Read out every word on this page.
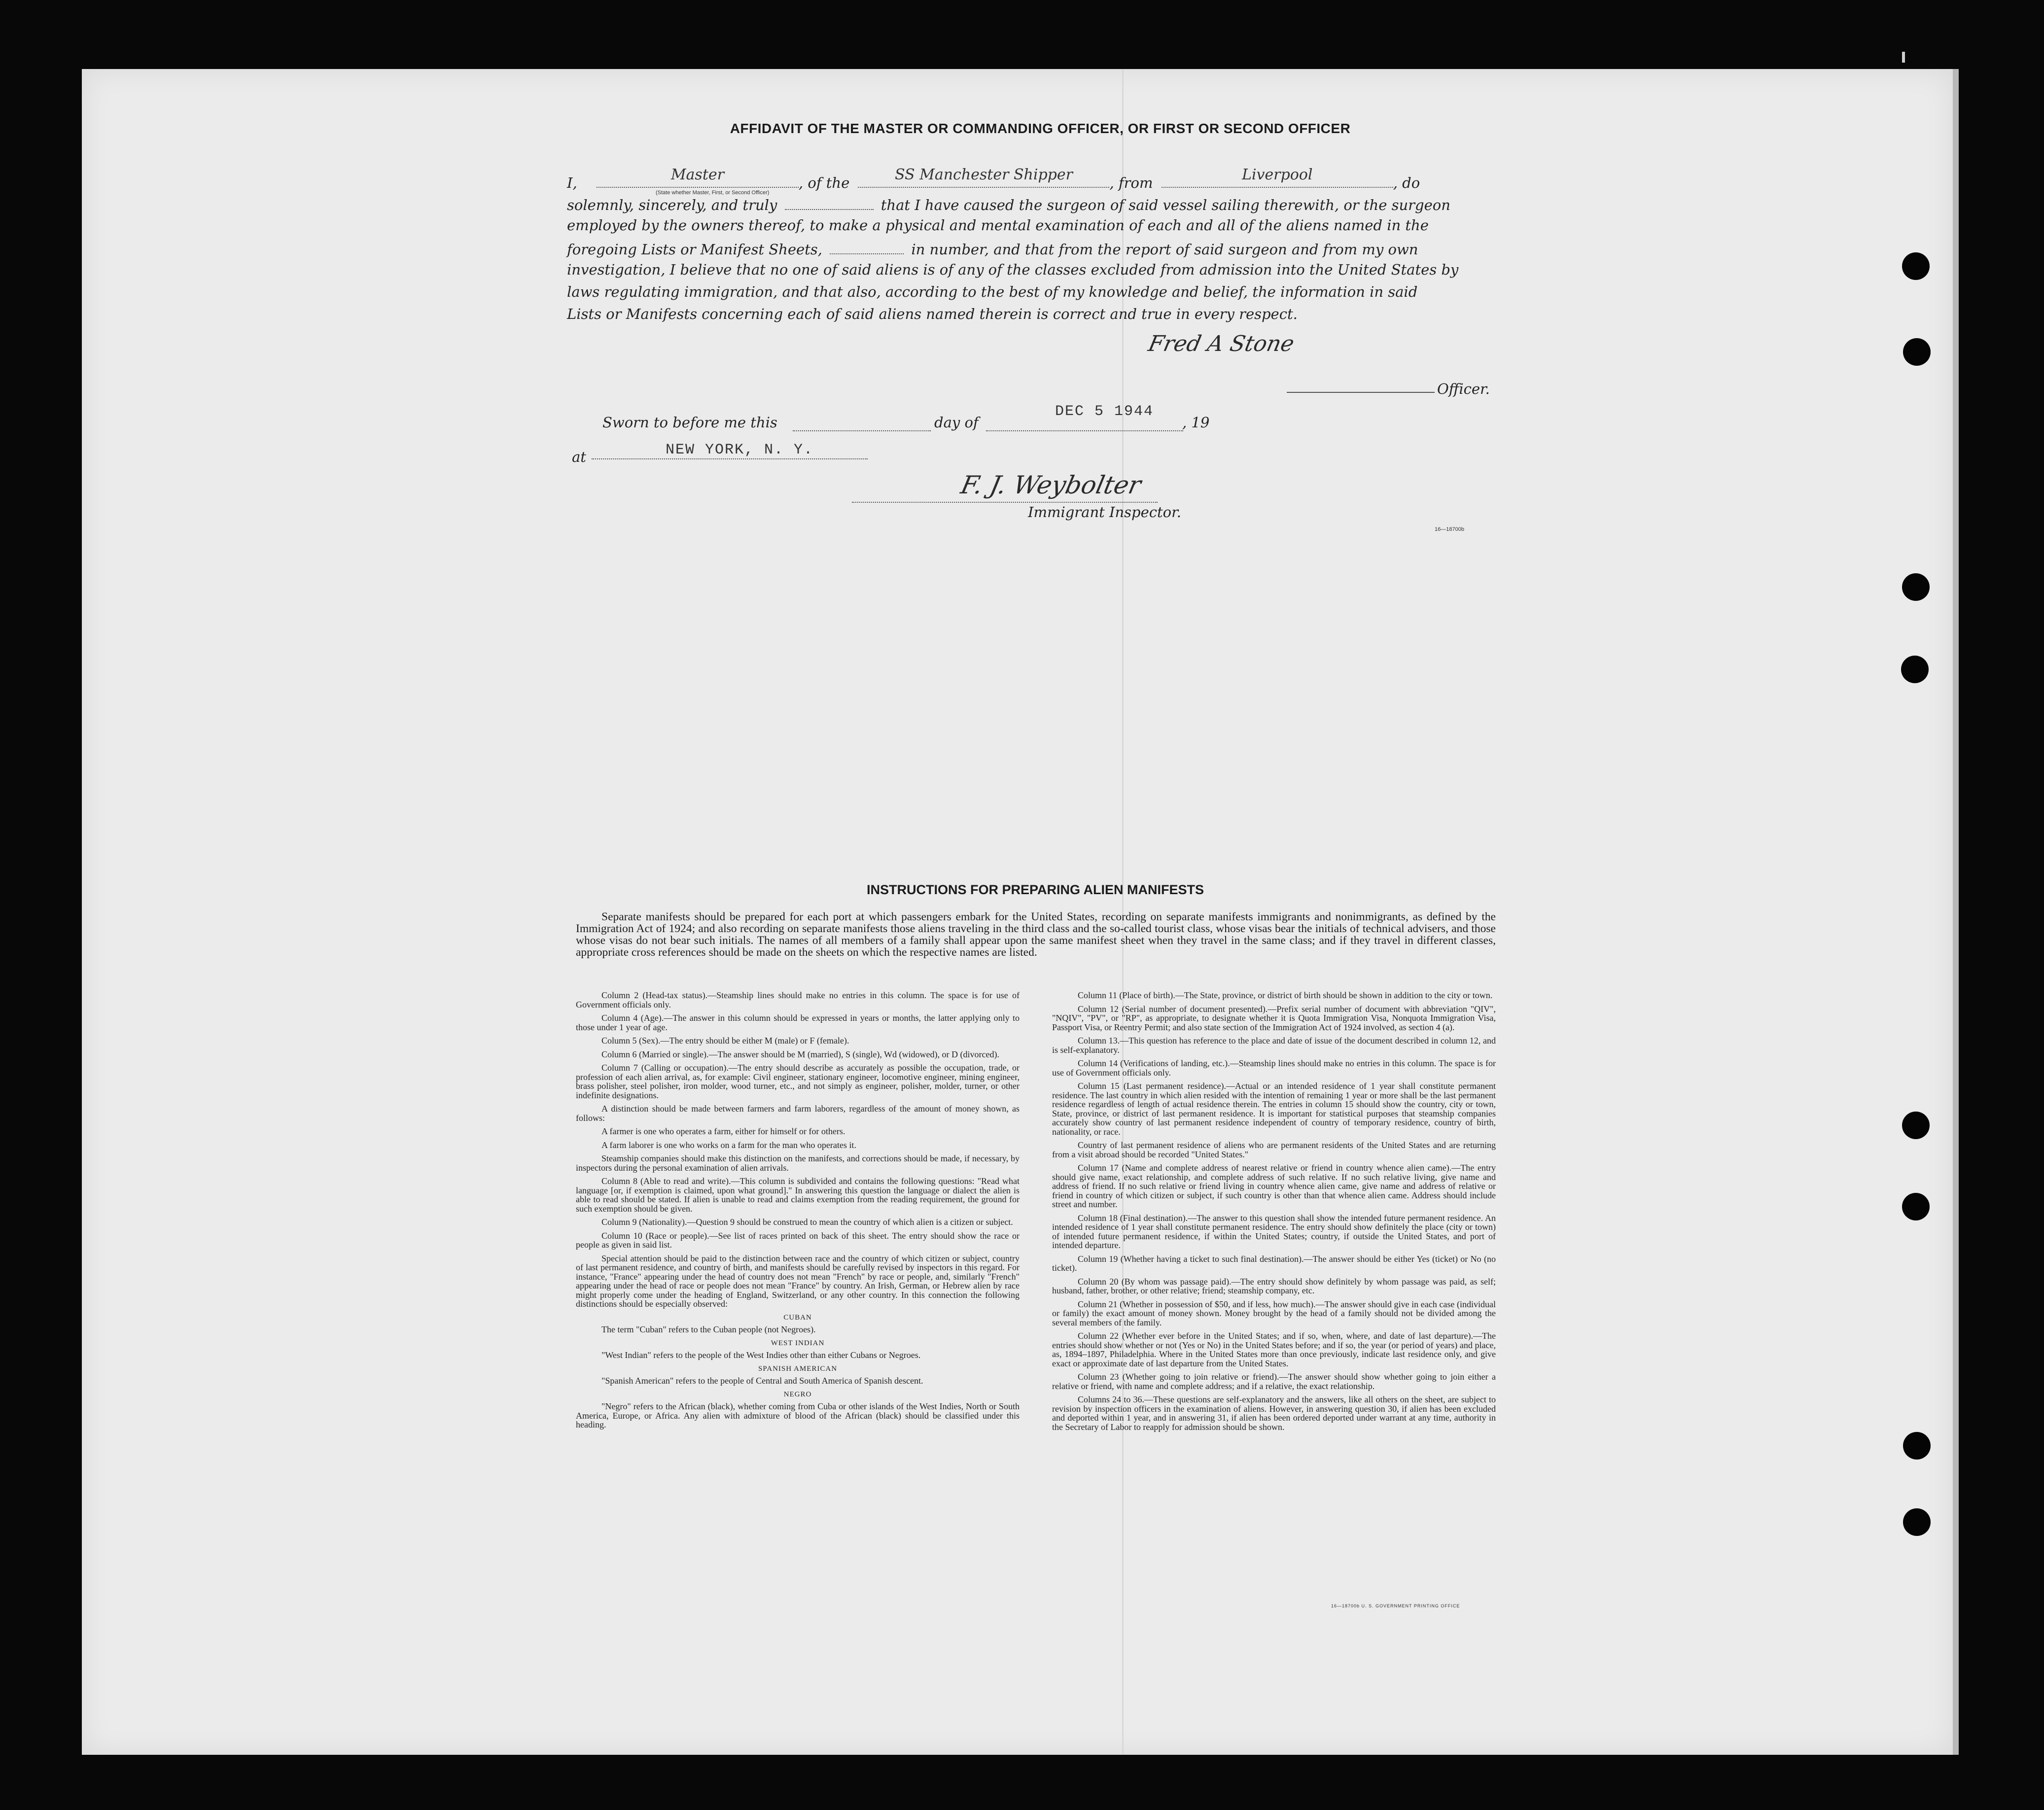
AFFIDAVIT OF THE MASTER OR COMMANDING OFFICER, OR FIRST OR SECOND OFFICER
I,	Master	, of the	SS Manchester Shipper	, from	Liverpool	, do
solemnly, sincerely, and truly	that I have caused the surgeon of said vessel sailing therewith, or the surgeon
employed by the owners thereof, to make a physical and mental examination of each and all of the aliens named in the
foregoing Lists or Manifest Sheets,	in number, and that from the report of said surgeon and from my own
investigation, I believe that no one of said aliens is of any of the classes excluded from admission into the United States by
laws regulating immigration, and that also, according to the best of my knowledge and belief, the information in said
Lists or Manifests concerning each of said aliens named therein is correct and true in every respect.
(State whether Master, First, or Second Officer)
Fred A Stone
Officer.
Sworn to before me this	day of
DEC 5 1944
, 19
at	NEW YORK, N. Y.
F. J. Weybolter
Immigrant Inspector.
16—18700b
INSTRUCTIONS FOR PREPARING ALIEN MANIFESTS
Separate manifests should be prepared for each port at which passengers embark for the United States, recording on separate manifests immigrants and nonimmigrants, as defined by the Immigration Act of 1924; and also recording on separate manifests those aliens traveling in the third class and the so-called tourist class, whose visas bear the initials of technical advisers, and those whose visas do not bear such initials. The names of all members of a family shall appear upon the same manifest sheet when they travel in the same class; and if they travel in different classes, appropriate cross references should be made on the sheets on which the respective names are listed.

Column 2 (Head-tax status).—Steamship lines should make no entries in this column. The space is for use of Government officials only.

Column 4 (Age).—The answer in this column should be expressed in years or months, the latter applying only to those under 1 year of age.

Column 5 (Sex).—The entry should be either M (male) or F (female).

Column 6 (Married or single).—The answer should be M (married), S (single), Wd (widowed), or D (divorced).

Column 7 (Calling or occupation).—The entry should describe as accurately as possible the occupation, trade, or profession of each alien arrival, as, for example: Civil engineer, stationary engineer, locomotive engineer, mining engineer, brass polisher, steel polisher, iron molder, wood turner, etc., and not simply as engineer, polisher, molder, turner, or other indefinite designations.

A distinction should be made between farmers and farm laborers, regardless of the amount of money shown, as follows:

A farmer is one who operates a farm, either for himself or for others.

A farm laborer is one who works on a farm for the man who operates it.

Steamship companies should make this distinction on the manifests, and corrections should be made, if necessary, by inspectors during the personal examination of alien arrivals.

Column 8 (Able to read and write).—This column is subdivided and contains the following questions: "Read what language [or, if exemption is claimed, upon what ground]." In answering this question the language or dialect the alien is able to read should be stated. If alien is unable to read and claims exemption from the reading requirement, the ground for such exemption should be given.

Column 9 (Nationality).—Question 9 should be construed to mean the country of which alien is a citizen or subject.

Column 10 (Race or people).—See list of races printed on back of this sheet. The entry should show the race or people as given in said list.

Special attention should be paid to the distinction between race and the country of which citizen or subject, country of last permanent residence, and country of birth, and manifests should be carefully revised by inspectors in this regard. For instance, "France" appearing under the head of country does not mean "French" by race or people, and, similarly "French" appearing under the head of race or people does not mean "France" by country. An Irish, German, or Hebrew alien by race might properly come under the heading of England, Switzerland, or any other country. In this connection the following distinctions should be especially observed:

CUBAN

The term "Cuban" refers to the Cuban people (not Negroes).

WEST INDIAN

"West Indian" refers to the people of the West Indies other than either Cubans or Negroes.

SPANISH AMERICAN

"Spanish American" refers to the people of Central and South America of Spanish descent.

NEGRO

"Negro" refers to the African (black), whether coming from Cuba or other islands of the West Indies, North or South America, Europe, or Africa. Any alien with admixture of blood of the African (black) should be classified under this heading.

Column 11 (Place of birth).—The State, province, or district of birth should be shown in addition to the city or town.

Column 12 (Serial number of document presented).—Prefix serial number of document with abbreviation "QIV", "NQIV", "PV", or "RP", as appropriate, to designate whether it is Quota Immigration Visa, Nonquota Immigration Visa, Passport Visa, or Reentry Permit; and also state section of the Immigration Act of 1924 involved, as section 4 (a).

Column 13.—This question has reference to the place and date of issue of the document described in column 12, and is self-explanatory.

Column 14 (Verifications of landing, etc.).—Steamship lines should make no entries in this column. The space is for use of Government officials only.

Column 15 (Last permanent residence).—Actual or an intended residence of 1 year shall constitute permanent residence. The last country in which alien resided with the intention of remaining 1 year or more shall be the last permanent residence regardless of length of actual residence therein. The entries in column 15 should show the country, city or town, State, province, or district of last permanent residence. It is important for statistical purposes that steamship companies accurately show country of last permanent residence independent of country of temporary residence, country of birth, nationality, or race.

Country of last permanent residence of aliens who are permanent residents of the United States and are returning from a visit abroad should be recorded "United States."

Column 17 (Name and complete address of nearest relative or friend in country whence alien came).—The entry should give name, exact relationship, and complete address of such relative. If no such relative living, give name and address of friend. If no such relative or friend living in country whence alien came, give name and address of relative or friend in country of which citizen or subject, if such country is other than that whence alien came. Address should include street and number.

Column 18 (Final destination).—The answer to this question shall show the intended future permanent residence. An intended residence of 1 year shall constitute permanent residence. The entry should show definitely the place (city or town) of intended future permanent residence, if within the United States; country, if outside the United States, and port of intended departure.

Column 19 (Whether having a ticket to such final destination).—The answer should be either Yes (ticket) or No (no ticket).

Column 20 (By whom was passage paid).—The entry should show definitely by whom passage was paid, as self; husband, father, brother, or other relative; friend; steamship company, etc.

Column 21 (Whether in possession of $50, and if less, how much).—The answer should give in each case (individual or family) the exact amount of money shown. Money brought by the head of a family should not be divided among the several members of the family.

Column 22 (Whether ever before in the United States; and if so, when, where, and date of last departure).—The entries should show whether or not (Yes or No) in the United States before; and if so, the year (or period of years) and place, as, 1894–1897, Philadelphia. Where in the United States more than once previously, indicate last residence only, and give exact or approximate date of last departure from the United States.

Column 23 (Whether going to join relative or friend).—The answer should show whether going to join either a relative or friend, with name and complete address; and if a relative, the exact relationship.

Columns 24 to 36.—These questions are self-explanatory and the answers, like all others on the sheet, are subject to revision by inspection officers in the examination of aliens. However, in answering question 30, if alien has been excluded and deported within 1 year, and in answering 31, if alien has been ordered deported under warrant at any time, authority in the Secretary of Labor to reapply for admission should be shown.

16—18700b U. S. GOVERNMENT PRINTING OFFICE
